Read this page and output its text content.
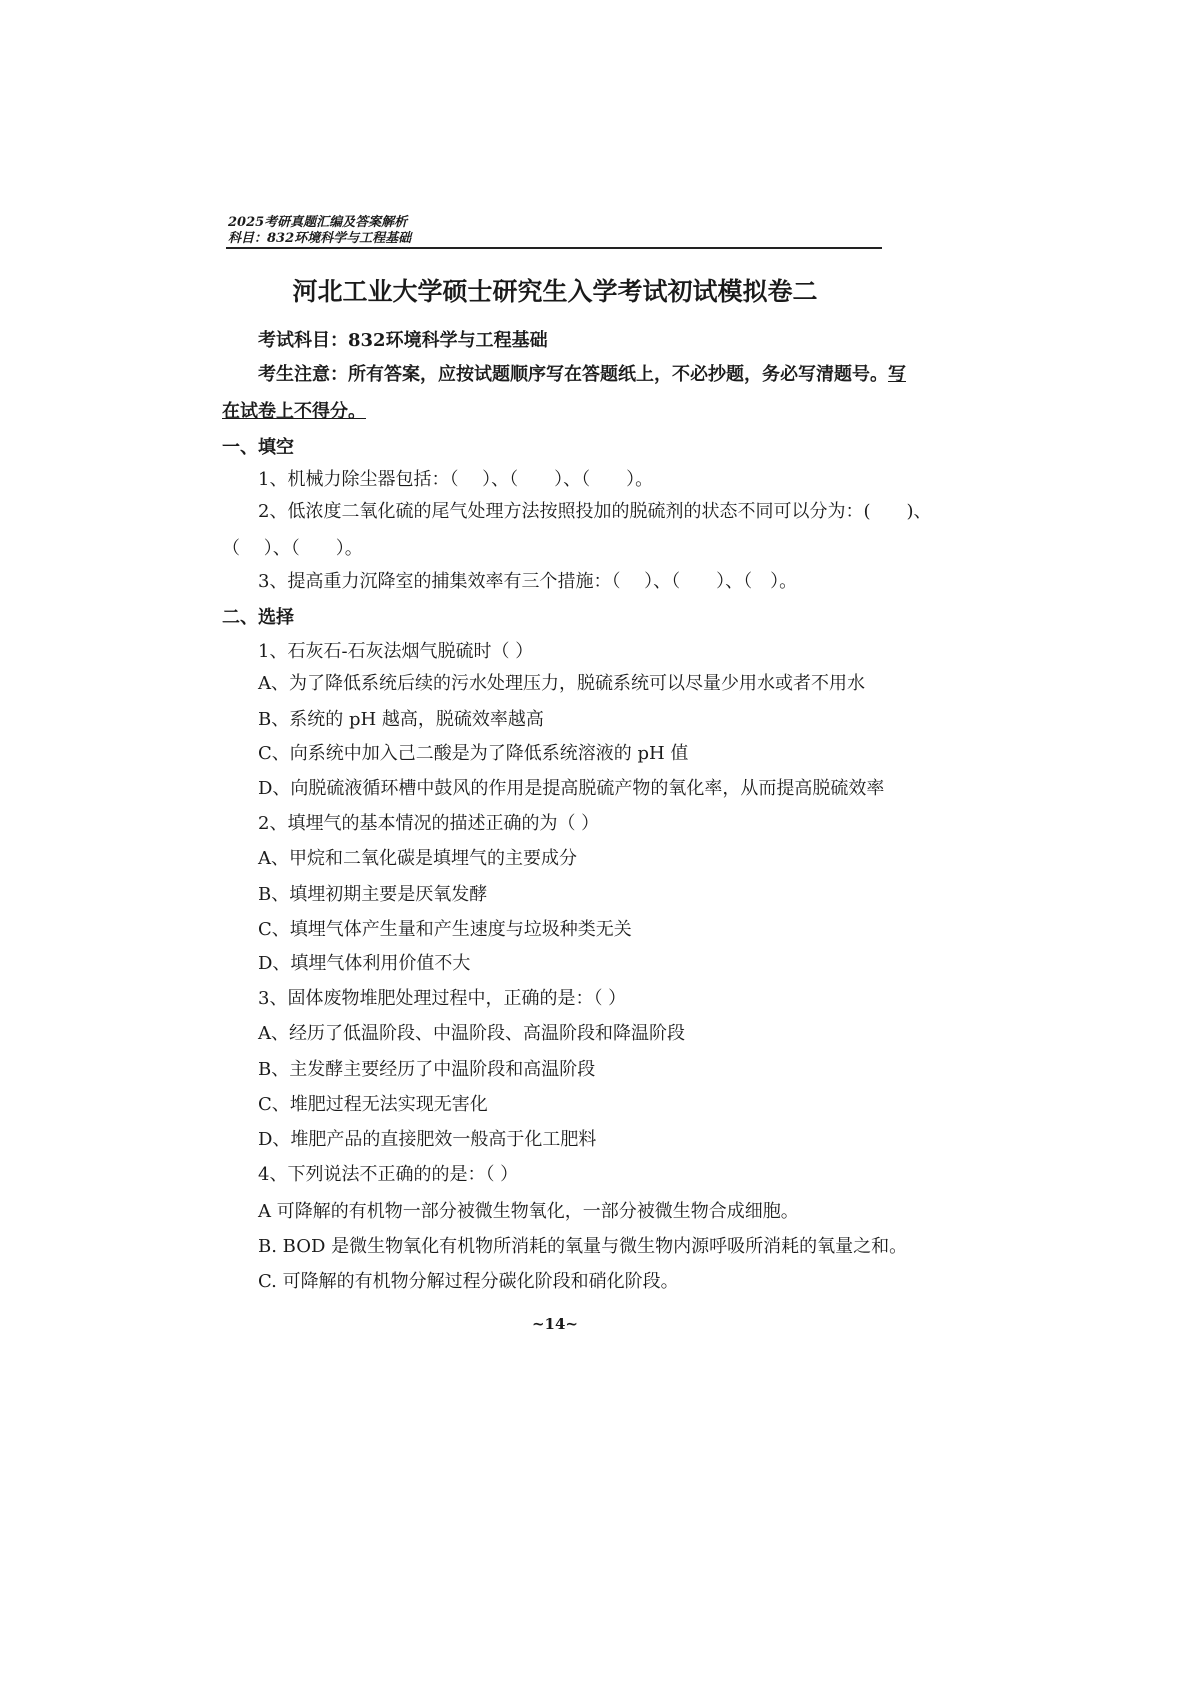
2025考研真题汇编及答案解析
科目：832环境科学与工程基础
河北工业大学硕士研究生入学考试初试模拟卷二
考试科目：832环境科学与工程基础
考生注意：所有答案，应按试题顺序写在答题纸上，不必抄题，务必写清题号。写
在试卷上不得分。
一、填空
1、机械力除尘器包括：（　 ）、（　　）、（　　）。
2、低浓度二氧化硫的尾气处理方法按照投加的脱硫剂的状态不同可以分为：(　　)、
（　 ）、（　　）。
3、提高重力沉降室的捕集效率有三个措施：（　 ）、（　　）、（　）。
二、选择
1、石灰石-石灰法烟气脱硫时（ ）
A、为了降低系统后续的污水处理压力，脱硫系统可以尽量少用水或者不用水
B、系统的 pH 越高，脱硫效率越高
C、向系统中加入己二酸是为了降低系统溶液的 pH 值
D、向脱硫液循环槽中鼓风的作用是提高脱硫产物的氧化率，从而提高脱硫效率
2、填埋气的基本情况的描述正确的为（ ）
A、甲烷和二氧化碳是填埋气的主要成分
B、填埋初期主要是厌氧发酵
C、填埋气体产生量和产生速度与垃圾种类无关
D、填埋气体利用价值不大
3、固体废物堆肥处理过程中，正确的是：（ ）
A、经历了低温阶段、中温阶段、高温阶段和降温阶段
B、主发酵主要经历了中温阶段和高温阶段
C、堆肥过程无法实现无害化
D、堆肥产品的直接肥效一般高于化工肥料
4、下列说法不正确的的是：（ ）
A 可降解的有机物一部分被微生物氧化，一部分被微生物合成细胞。
B. BOD 是微生物氧化有机物所消耗的氧量与微生物内源呼吸所消耗的氧量之和。
C. 可降解的有机物分解过程分碳化阶段和硝化阶段。
~14~
